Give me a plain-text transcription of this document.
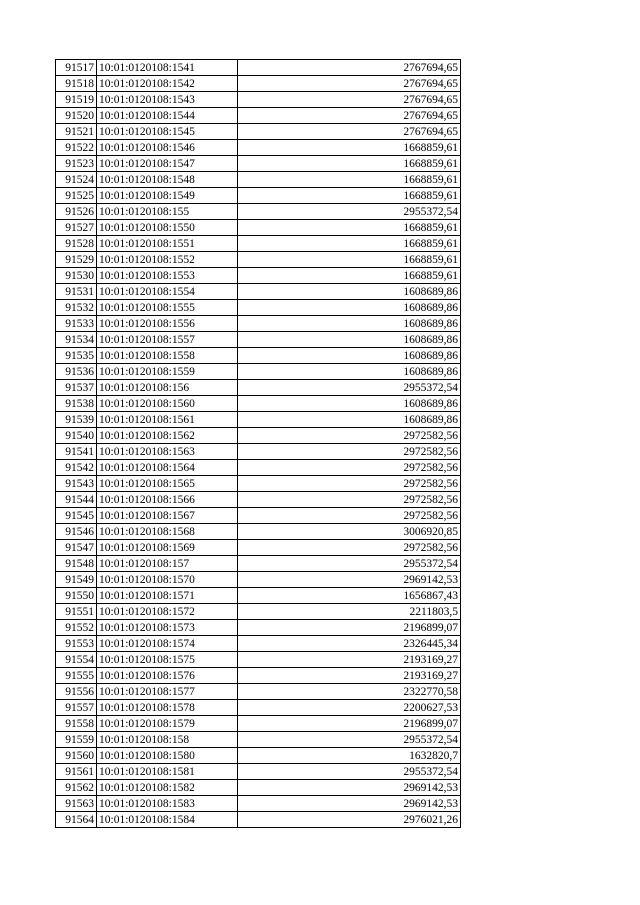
91517	10:01:0120108:1541	2767694,65
91518	10:01:0120108:1542	2767694,65
91519	10:01:0120108:1543	2767694,65
91520	10:01:0120108:1544	2767694,65
91521	10:01:0120108:1545	2767694,65
91522	10:01:0120108:1546	1668859,61
91523	10:01:0120108:1547	1668859,61
91524	10:01:0120108:1548	1668859,61
91525	10:01:0120108:1549	1668859,61
91526	10:01:0120108:155	2955372,54
91527	10:01:0120108:1550	1668859,61
91528	10:01:0120108:1551	1668859,61
91529	10:01:0120108:1552	1668859,61
91530	10:01:0120108:1553	1668859,61
91531	10:01:0120108:1554	1608689,86
91532	10:01:0120108:1555	1608689,86
91533	10:01:0120108:1556	1608689,86
91534	10:01:0120108:1557	1608689,86
91535	10:01:0120108:1558	1608689,86
91536	10:01:0120108:1559	1608689,86
91537	10:01:0120108:156	2955372,54
91538	10:01:0120108:1560	1608689,86
91539	10:01:0120108:1561	1608689,86
91540	10:01:0120108:1562	2972582,56
91541	10:01:0120108:1563	2972582,56
91542	10:01:0120108:1564	2972582,56
91543	10:01:0120108:1565	2972582,56
91544	10:01:0120108:1566	2972582,56
91545	10:01:0120108:1567	2972582,56
91546	10:01:0120108:1568	3006920,85
91547	10:01:0120108:1569	2972582,56
91548	10:01:0120108:157	2955372,54
91549	10:01:0120108:1570	2969142,53
91550	10:01:0120108:1571	1656867,43
91551	10:01:0120108:1572	2211803,5
91552	10:01:0120108:1573	2196899,07
91553	10:01:0120108:1574	2326445,34
91554	10:01:0120108:1575	2193169,27
91555	10:01:0120108:1576	2193169,27
91556	10:01:0120108:1577	2322770,58
91557	10:01:0120108:1578	2200627,53
91558	10:01:0120108:1579	2196899,07
91559	10:01:0120108:158	2955372,54
91560	10:01:0120108:1580	1632820,7
91561	10:01:0120108:1581	2955372,54
91562	10:01:0120108:1582	2969142,53
91563	10:01:0120108:1583	2969142,53
91564	10:01:0120108:1584	2976021,26
